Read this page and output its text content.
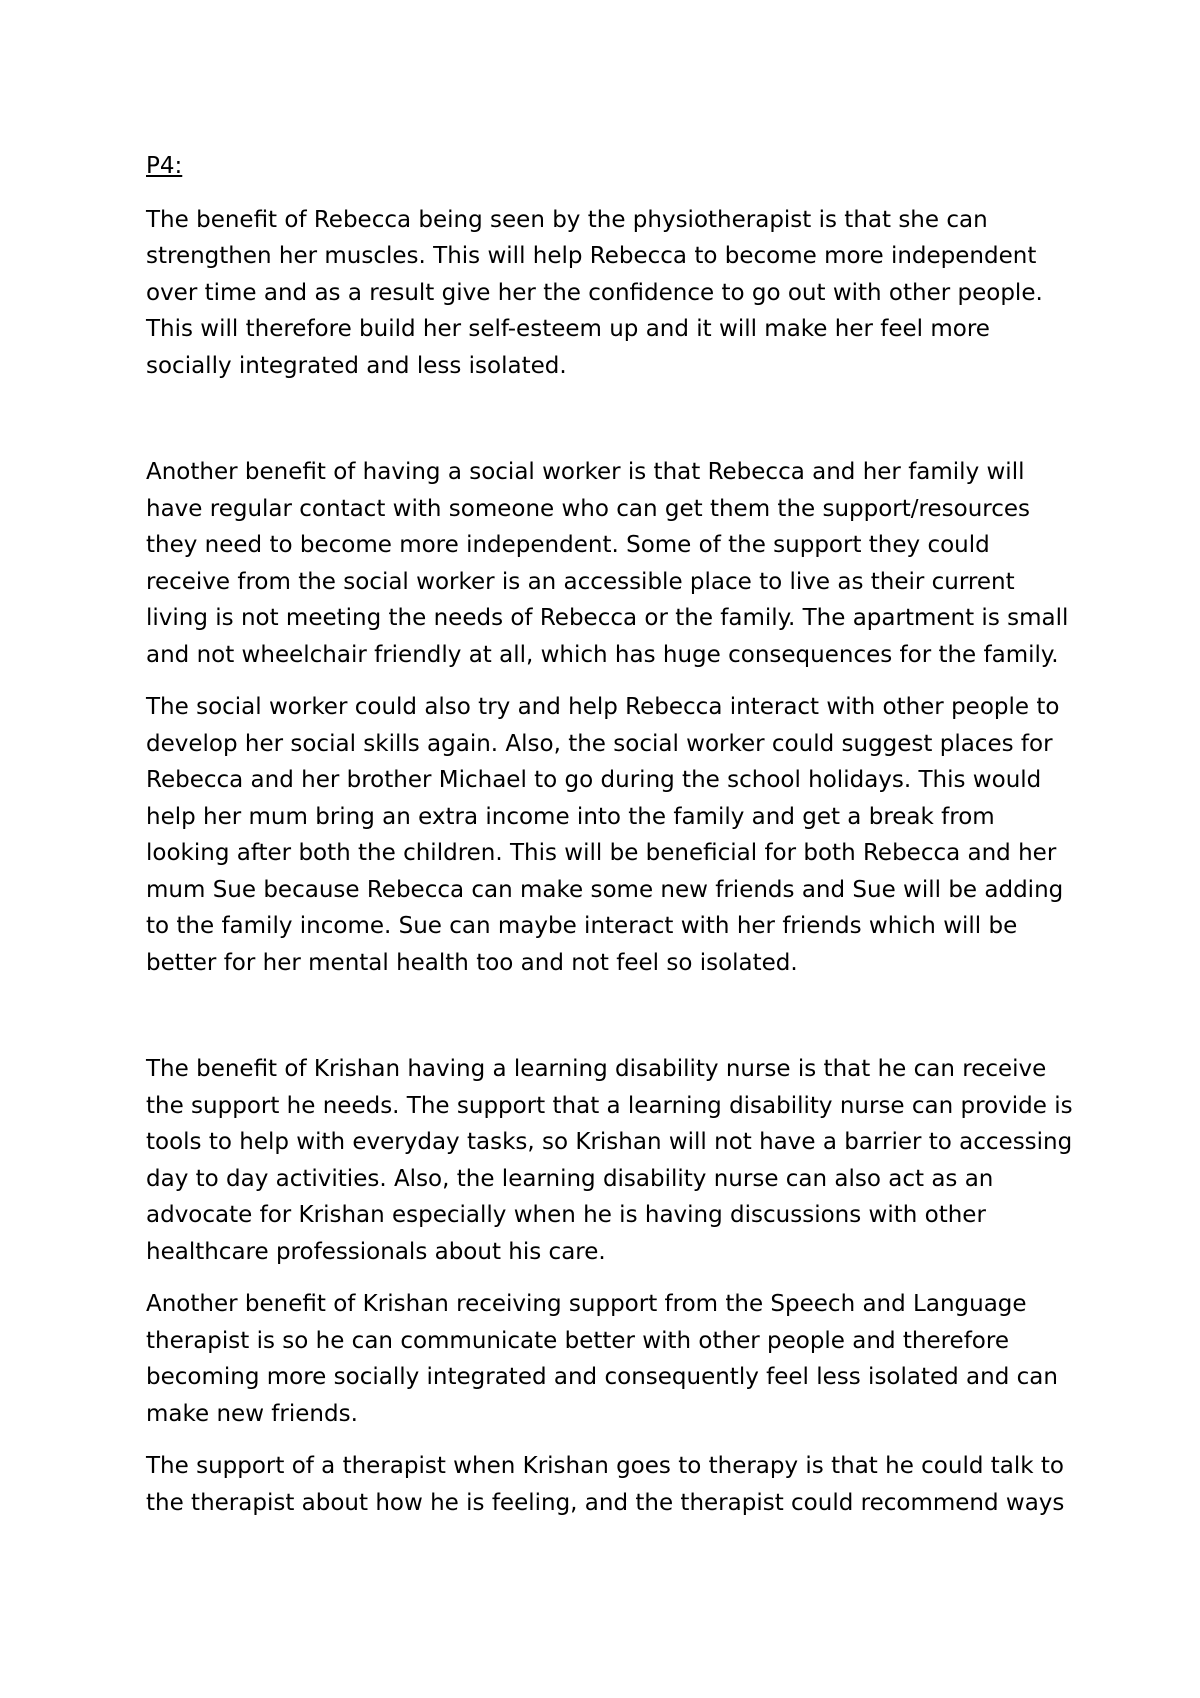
P4:

The benefit of Rebecca being seen by the physiotherapist is that she can strengthen her muscles. This will help Rebecca to become more independent over time and as a result give her the confidence to go out with other people. This will therefore build her self-esteem up and it will make her feel more socially integrated and less isolated.

Another benefit of having a social worker is that Rebecca and her family will have regular contact with someone who can get them the support/resources they need to become more independent. Some of the support they could receive from the social worker is an accessible place to live as their current living is not meeting the needs of Rebecca or the family. The apartment is small and not wheelchair friendly at all, which has huge consequences for the family.

The social worker could also try and help Rebecca interact with other people to develop her social skills again. Also, the social worker could suggest places for Rebecca and her brother Michael to go during the school holidays. This would help her mum bring an extra income into the family and get a break from looking after both the children. This will be beneficial for both Rebecca and her mum Sue because Rebecca can make some new friends and Sue will be adding to the family income. Sue can maybe interact with her friends which will be better for her mental health too and not feel so isolated.

The benefit of Krishan having a learning disability nurse is that he can receive the support he needs. The support that a learning disability nurse can provide is tools to help with everyday tasks, so Krishan will not have a barrier to accessing day to day activities. Also, the learning disability nurse can also act as an advocate for Krishan especially when he is having discussions with other healthcare professionals about his care.

Another benefit of Krishan receiving support from the Speech and Language therapist is so he can communicate better with other people and therefore becoming more socially integrated and consequently feel less isolated and can make new friends.

The support of a therapist when Krishan goes to therapy is that he could talk to the therapist about how he is feeling, and the therapist could recommend ways
